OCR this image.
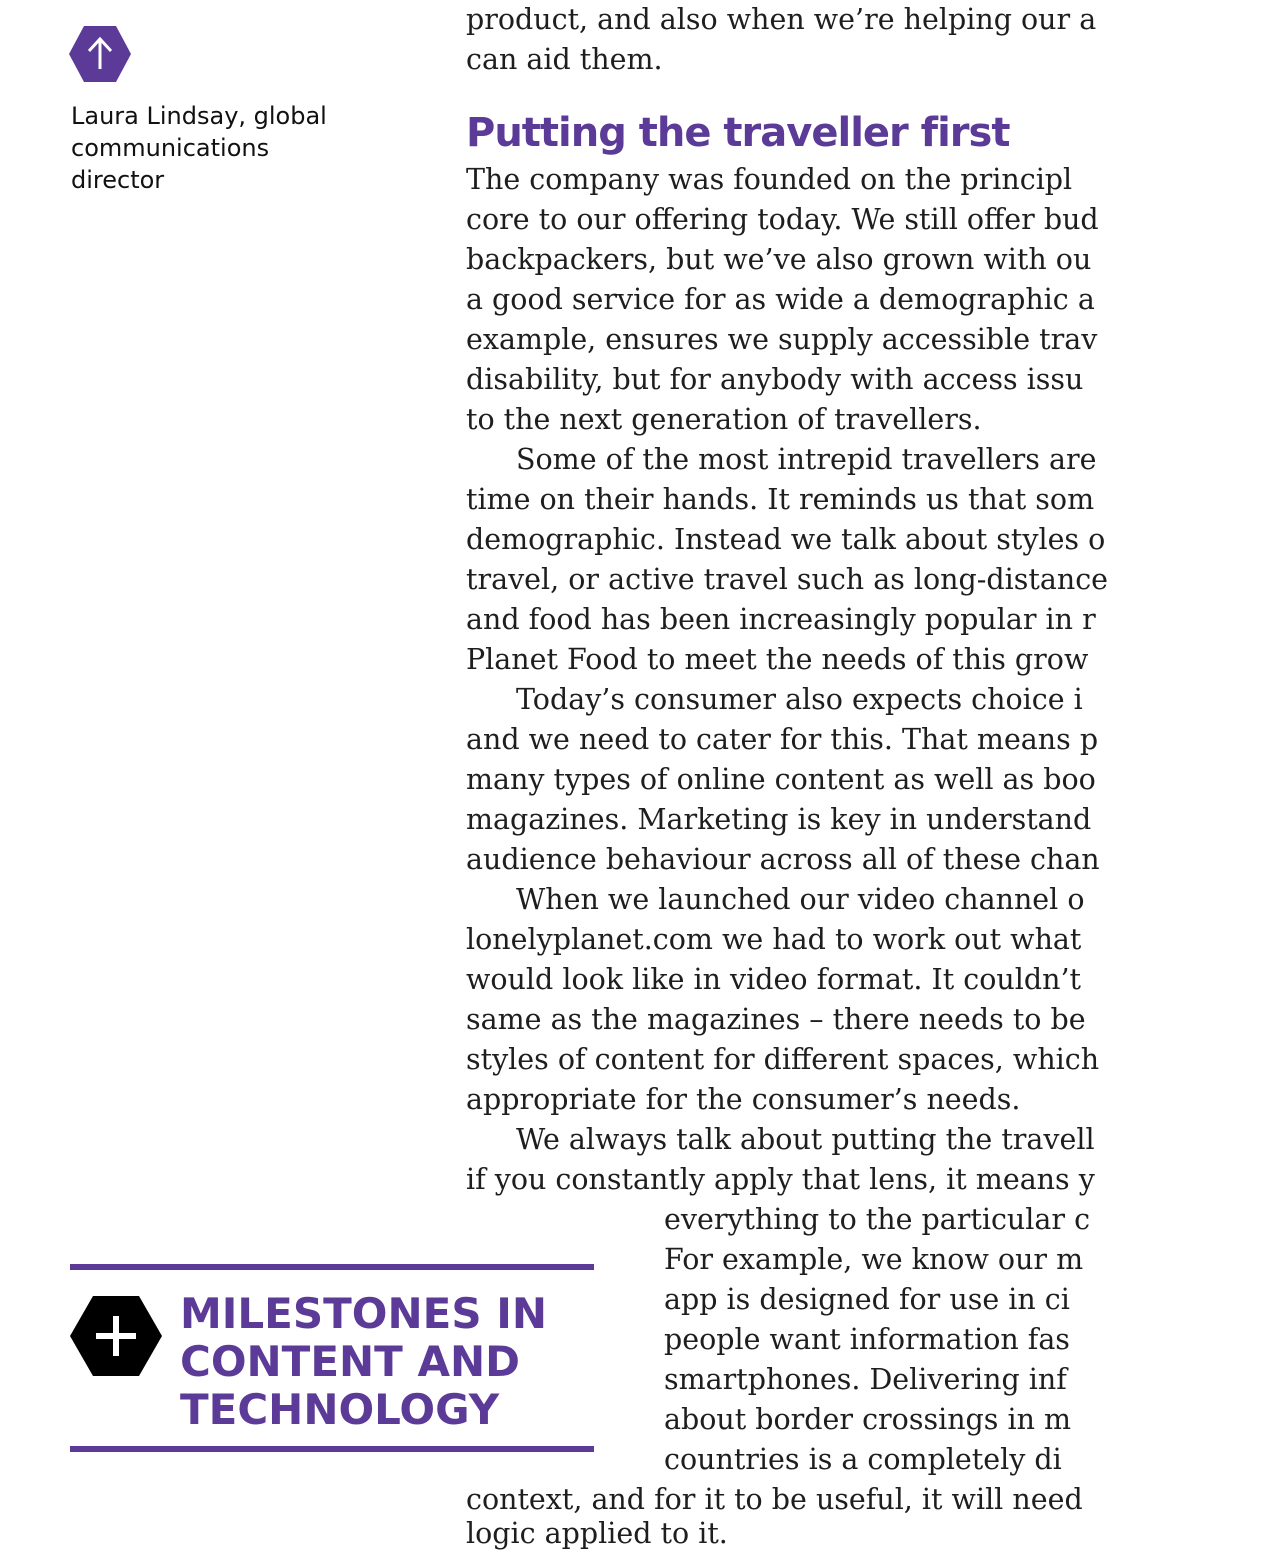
Laura Lindsay, global communications director

product, and also when we’re helping our a
can aid them.
The company was founded on the principl
core to our offering today. We still offer bud
backpackers, but we’ve also grown with ou
a good service for as wide a demographic a
example, ensures we supply accessible trav
disability, but for anybody with access issu
to the next generation of travellers.
Some of the most intrepid travellers are
time on their hands. It reminds us that som
demographic. Instead we talk about styles o
travel, or active travel such as long-distance
and food has been increasingly popular in r
Planet Food to meet the needs of this grow
Today’s consumer also expects choice i
and we need to cater for this. That means p
many types of online content as well as boo
magazines. Marketing is key in understand
audience behaviour across all of these chan
When we launched our video channel o
lonelyplanet.com we had to work out what
would look like in video format. It couldn’t
same as the magazines – there needs to be
styles of content for different spaces, which
appropriate for the consumer’s needs.
We always talk about putting the travell
if you constantly apply that lens, it means y
everything to the particular c
For example, we know our m
app is designed for use in ci
people want information fas
smartphones. Delivering inf
about border crossings in m
countries is a completely di
context, and for it to be useful, it will need
logic applied to it.
Putting the traveller first
MILESTONES IN
CONTENT AND
TECHNOLOGY
